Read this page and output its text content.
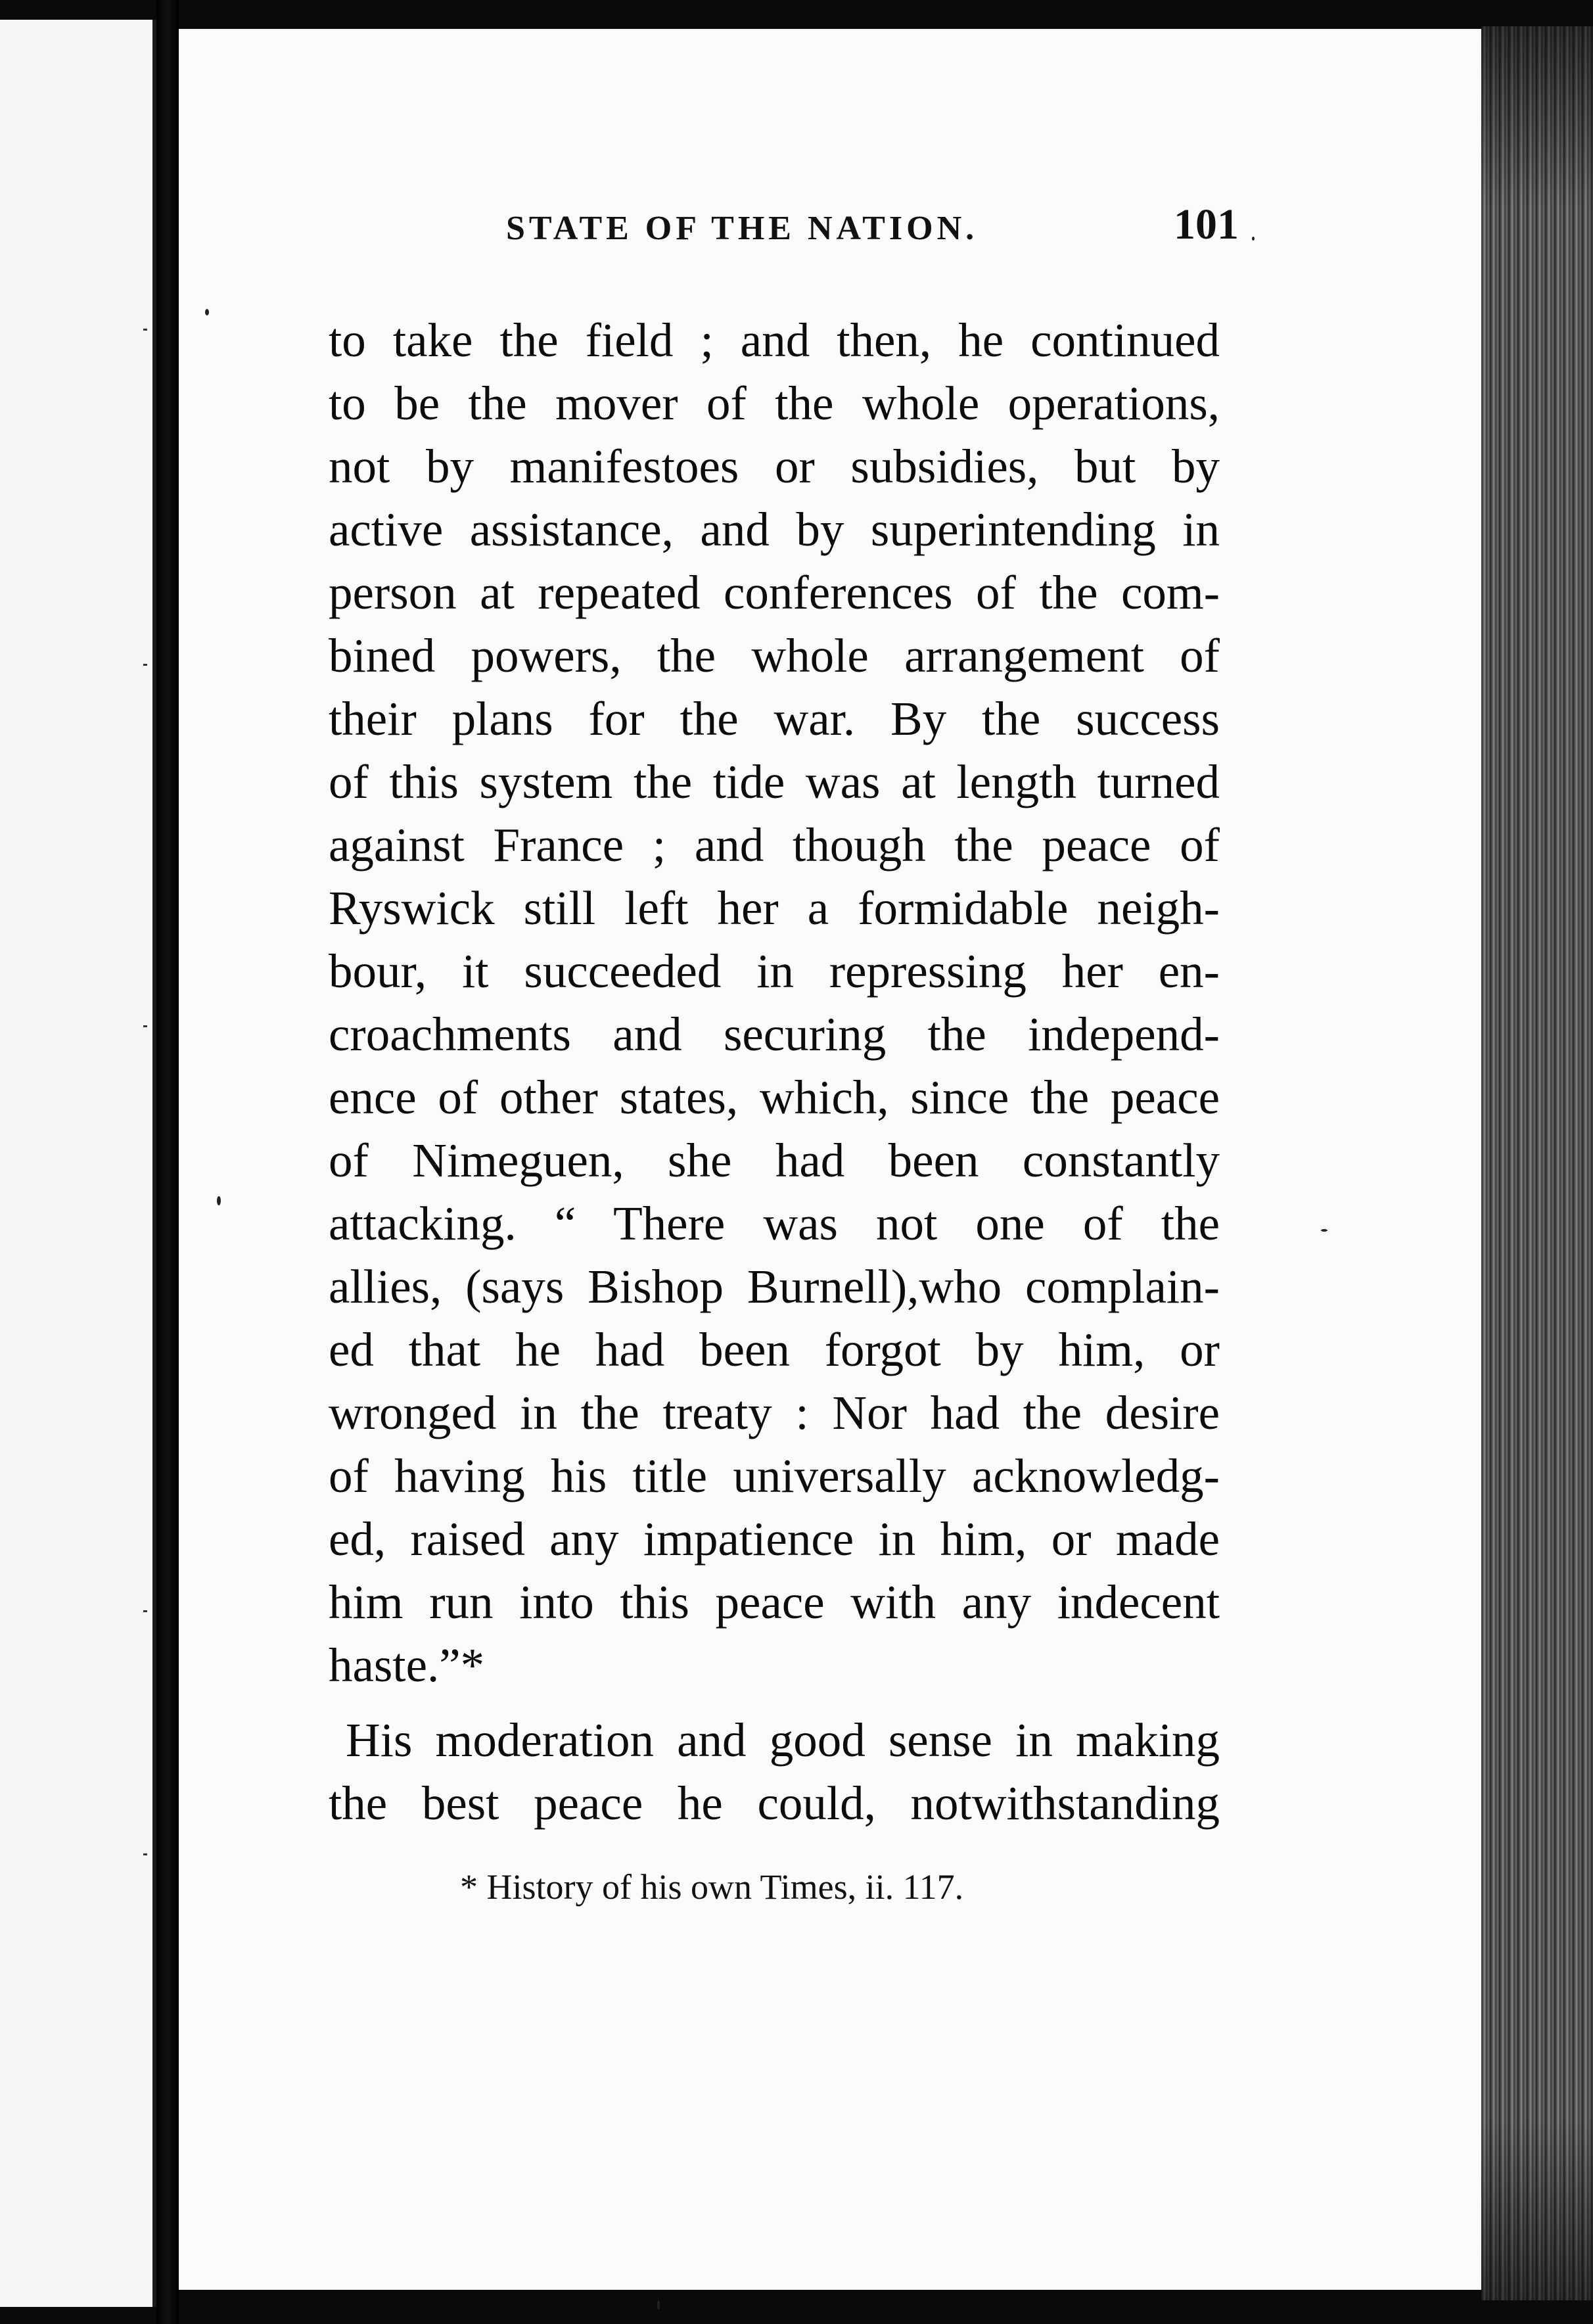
STATE OF THE NATION.	101
to take the field ; and then, he continued
to be the mover of the whole operations,
not by manifestoes or subsidies, but by
active assistance, and by superintending in
person at repeated conferences of the com-
bined powers, the whole arrangement of
their plans for the war. By the success
of this system the tide was at length turned
against France ; and though the peace of
Ryswick still left her a formidable neigh-
bour, it succeeded in repressing her en-
croachments and securing the independ-
ence of other states, which, since the peace
of Nimeguen, she had been constantly
attacking. “ There was not one of the
allies, (says Bishop Burnell),who complain-
ed that he had been forgot by him, or
wronged in the treaty : Nor had the desire
of having his title universally acknowledg-
ed, raised any impatience in him, or made
him run into this peace with any indecent
haste.”*
His moderation and good sense in making
the best peace he could, notwithstanding
* History of his own Times, ii. 117.
